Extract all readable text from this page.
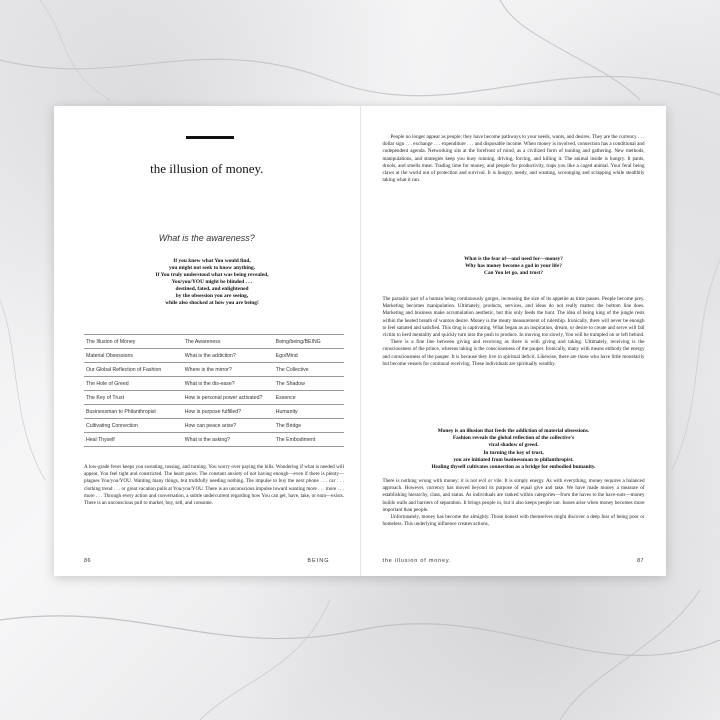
the illusion of money.
What is the awareness?
If you knew what You would find,
you might not seek to know anything.
If You truly understood what was being revealed,
You/you/YOU might be blinded . . .
destined, fated, and enlightened
by the obsession you are seeing,
while also shocked at how you are being!
The Illusion of Money	The Awareness	Being/being/BEING
Material Obsessions	What is the addiction?	Ego/Mind
Our Global Reflection of Fashion	Where is the mirror?	The Collective
The Hole of Greed	What is the dis-ease?	The Shadow
The Key of Trust	How is personal power activated?	Essence
Businessman to Philanthropist	How is purpose fulfilled?	Humanity
Cultivating Connection	How can peace arise?	The Bridge
Heal Thyself	What is the asking?	The Embodiment

A low-grade fever keeps you sweating, tossing, and turning. You worry over paying the bills. Wondering if what is needed will appear, You feel tight and constricted. The heart paces. The constant anxiety of not having enough—even if there is plenty—plagues You/you/YOU. Wanting many things, but truthfully needing nothing. The impulse to buy the next phone . . . car . . . clothing trend . . . or great vacation pulls at You/you/YOU. There is an unconscious impulse toward wanting more . . . more . . . more . . . Through every action and conversation, a subtle undercurrent regarding how You can get, have, take, or earn—exists. There is an unconscious pull to market, buy, sell, and consume.

86	BEING

People no longer appear as people; they have become pathways to your needs, wants, and desires. They are the currency . . . dollar sign . . . exchange . . . expenditure . . . and disposable income. When money is involved, connection has a conditional and codependent agenda. Networking sits at the forefront of mind, as a civilized form of hunting and gathering. New methods, manipulations, and strategies keep you busy running, driving, forcing, and killing it. The animal inside is hungry. It pants, drools, and smells meat. Trading time for money, and people for productivity, traps you like a caged animal. Your feral being claws at the world out of protection and survival. It is hungry, needy, and wanting, scrounging and scrapping while stealthily taking what it can.

What is the fear of—and need for—money?
Why has money become a god in your life?
Can You let go, and trust?

The parasitic part of a human being continuously gorges, increasing the size of its appetite as time passes. People become prey. Marketing becomes manipulation. Ultimately, products, services, and ideas do not really matter; the bottom line does. Marketing and business make accumulation aesthetic, but this only feeds the hunt. The idea of being king of the jungle rests within the heated breath of wanton desire. Money is the meaty measurement of rulership. Ironically, there will never be enough to feel satiated and satisfied. This drug is captivating. What began as an inspiration, dream, or desire to create and serve will fall victim to herd mentality and quickly turn into the push to produce. In moving too slowly, You will be trampled on or left behind.

There is a fine line between giving and receiving as there is with giving and taking. Ultimately, receiving is the consciousness of the prince, whereas taking is the consciousness of the pauper. Ironically, many with means embody the energy and consciousness of the pauper. It is because they live in spiritual deficit. Likewise, there are those who have little monetarily but become vessels for continual receiving. These individuals are spiritually wealthy.

Money is an illusion that feeds the addiction of material obsessions.
Fashion reveals the global reflection of the collective's
viral shadow of greed.
In turning the key of trust,
you are initiated from businessman to philanthropist.
Healing thyself cultivates connection as a bridge for embodied humanity.

There is nothing wrong with money; it is not evil or vile. It is simply energy. As with everything, money requires a balanced approach. However, currency has moved beyond its purpose of equal give and take. We have made money a measure of establishing hierarchy, class, and status. As individuals are ranked within categories—from the haves to the have-nots—money builds walls and barriers of separation. It brings people in, but it also keeps people out. Issues arise when money becomes more important than people.

Unfortunately, money has become the almighty. Those honest with themselves might discover a deep fear of being poor or homeless. This underlying influence creates actions,

the illusion of money.	87
